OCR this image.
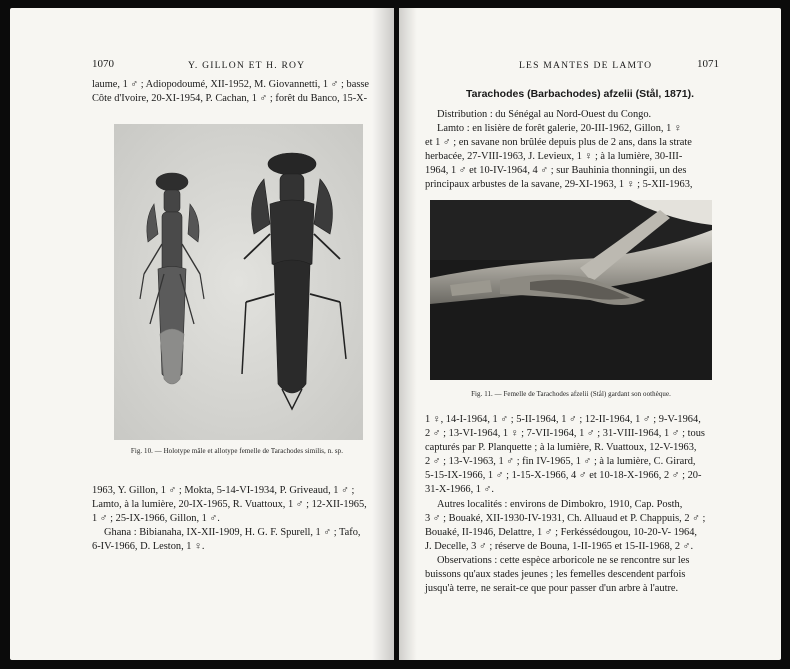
1070	Y. GILLON ET H. ROY

laume, 1 ♂ ; Adiopodoumé, XII-1952, M. Giovannetti, 1 ♂ ; basse

Côte d'Ivoire, 20-XI-1954, P. Cachan, 1 ♂ ; forêt du Banco, 15-X-

Fig. 10. — Holotype mâle et allotype femelle de Tarachodes similis, n. sp.

1963, Y. Gillon, 1 ♂ ; Mokta, 5-14-VI-1934, P. Griveaud, 1 ♂ ;

Lamto, à la lumière, 20-IX-1965, R. Vuattoux, 1 ♂ ; 12-XII-1965,

1 ♂ ; 25-IX-1966, Gillon, 1 ♂.

Ghana : Bibianaha, IX-XII-1909, H. G. F. Spurell, 1 ♂ ; Tafo,

6-IV-1966, D. Leston, 1 ♀.

LES MANTES DE LAMTO	1071
Tarachodes (Barbachodes) afzelii (Stål, 1871).

Distribution : du Sénégal au Nord-Ouest du Congo.

Lamto : en lisière de forêt galerie, 20-III-1962, Gillon, 1 ♀

et 1 ♂ ; en savane non brûlée depuis plus de 2 ans, dans la strate

herbacée, 27-VIII-1963, J. Levieux, 1 ♀ ; à la lumière, 30-III-

1964, 1 ♂ et 10-IV-1964, 4 ♂ ; sur Bauhinia thonningii, un des

principaux arbustes de la savane, 29-XI-1963, 1 ♀ ; 5-XII-1963,

Fig. 11. — Femelle de Tarachodes afzelii (Stål) gardant son oothèque.

1 ♀, 14-I-1964, 1 ♂ ; 5-II-1964, 1 ♂ ; 12-II-1964, 1 ♂ ; 9-V-1964,

2 ♂ ; 13-VI-1964, 1 ♀ ; 7-VII-1964, 1 ♂ ; 31-VIII-1964, 1 ♂ ; tous

capturés par P. Planquette ; à la lumière, R. Vuattoux, 12-V-1963,

2 ♂ ; 13-V-1963, 1 ♂ ; fin IV-1965, 1 ♂ ; à la lumière, C. Girard,

5-15-IX-1966, 1 ♂ ; 1-15-X-1966, 4 ♂ et 10-18-X-1966, 2 ♂ ; 20-

31-X-1966, 1 ♂.

Autres localités : environs de Dimbokro, 1910, Cap. Posth,

3 ♂ ; Bouaké, XII-1930-IV-1931, Ch. Alluaud et P. Chappuis, 2 ♂ ;

Bouaké, II-1946, Delattre, 1 ♂ ; Ferkéssédougou, 10-20-V- 1964,

J. Decelle, 3 ♂ ; réserve de Bouna, 1-II-1965 et 15-II-1968, 2 ♂.

Observations : cette espèce arboricole ne se rencontre sur les

buissons qu'aux stades jeunes ; les femelles descendent parfois

jusqu'à terre, ne serait-ce que pour passer d'un arbre à l'autre.
